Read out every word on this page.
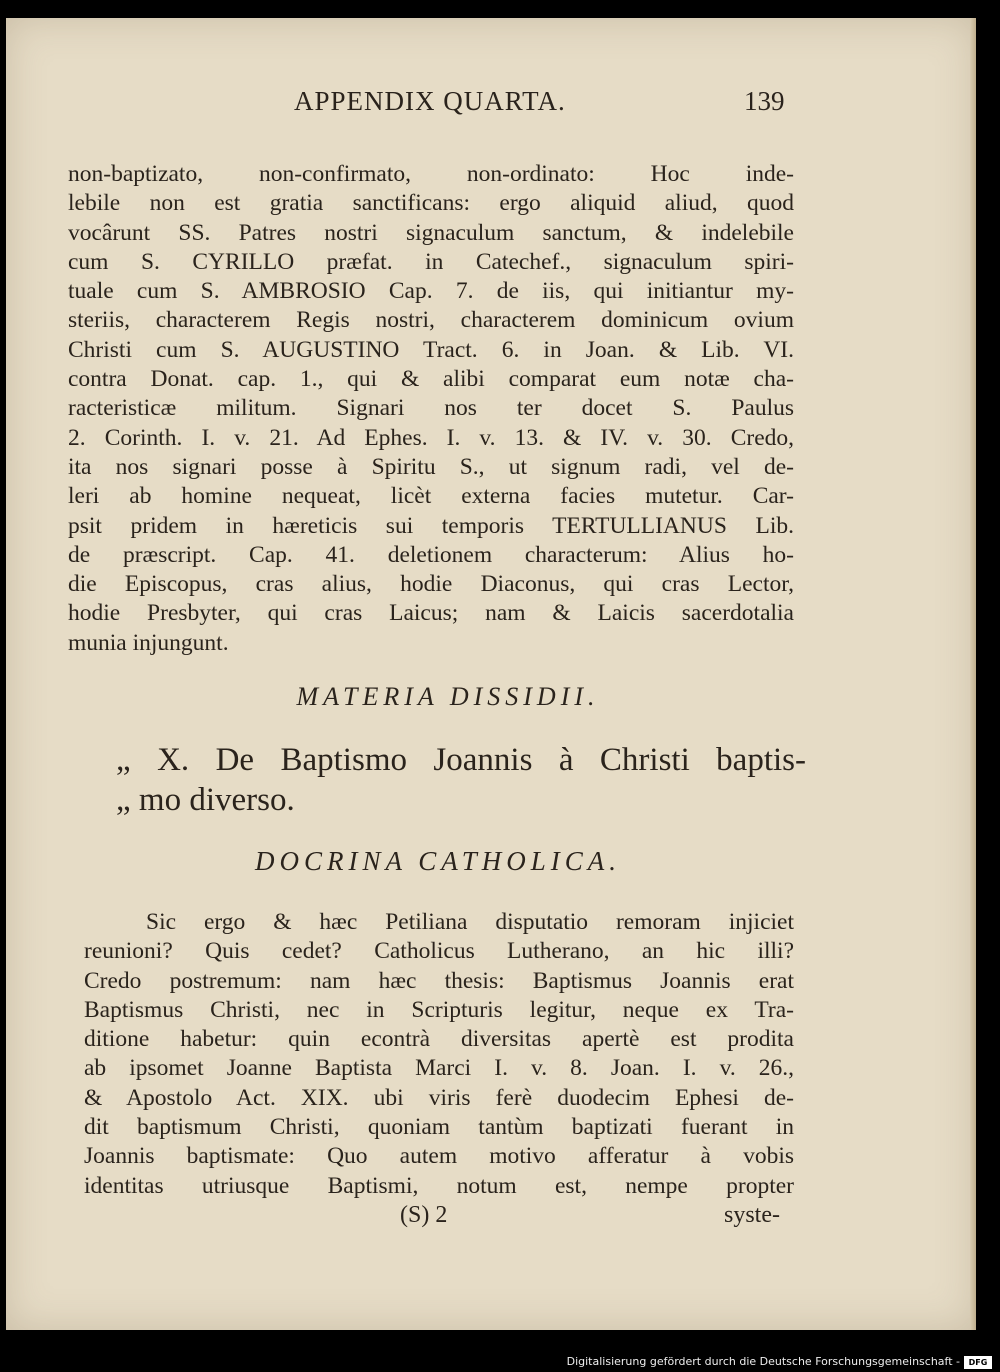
APPENDIX QUARTA.	139
non-baptizato, non-confirmato, non-ordinato: Hoc inde-
lebile non est gratia sanctificans: ergo aliquid aliud, quod
vocârunt SS. Patres nostri signaculum sanctum, & indelebile
cum S. CYRILLO præfat. in Catechef., signaculum spiri-
tuale cum S. AMBROSIO Cap. 7. de iis, qui initiantur my-
steriis, characterem Regis nostri, characterem dominicum ovium
Christi cum S. AUGUSTINO Tract. 6. in Joan. & Lib. VI.
contra Donat. cap. 1., qui & alibi comparat eum notæ cha-
racteristicæ militum. Signari nos ter docet S. Paulus
2. Corinth. I. v. 21. Ad Ephes. I. v. 13. & IV. v. 30. Credo,
ita nos signari posse à Spiritu S., ut signum radi, vel de-
leri ab homine nequeat, licèt externa facies mutetur. Car-
psit pridem in hæreticis sui temporis TERTULLIANUS Lib.
de præscript. Cap. 41. deletionem characterum: Alius ho-
die Episcopus, cras alius, hodie Diaconus, qui cras Lector,
hodie Presbyter, qui cras Laicus; nam & Laicis sacerdotalia
munia injungunt.
MATERIA DISSIDII.
„ X. De Baptismo Joannis à Christi baptis-
„ mo diverso.
DOCRINA CATHOLICA.
Sic ergo & hæc Petiliana disputatio remoram injiciet
reunioni? Quis cedet? Catholicus Lutherano, an hic illi?
Credo postremum: nam hæc thesis: Baptismus Joannis erat
Baptismus Christi, nec in Scripturis legitur, neque ex Tra-
ditione habetur: quin econtrà diversitas apertè est prodita
ab ipsomet Joanne Baptista Marci I. v. 8. Joan. I. v. 26.,
& Apostolo Act. XIX. ubi viris ferè duodecim Ephesi de-
dit baptismum Christi, quoniam tantùm baptizati fuerant in
Joannis baptismate: Quo autem motivo afferatur à vobis
identitas utriusque Baptismi, notum est, nempe propter
(S) 2	syste-
Digitalisierung gefördert durch die Deutsche Forschungsgemeinschaft -	DFG
